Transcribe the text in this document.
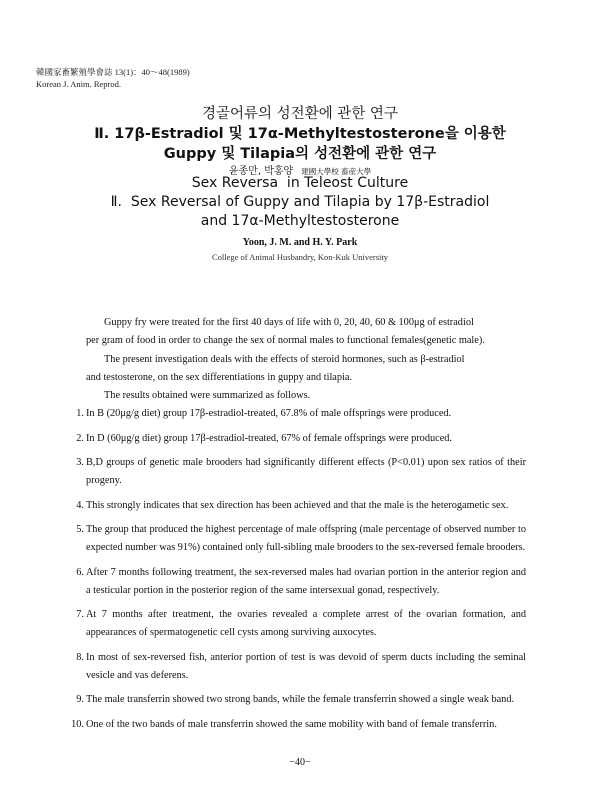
韓國家畜繁殖學會誌 13(1)：40～48(1989)
Korean J. Anim. Reprod.
경골어류의 성전환에 관한 연구
Ⅱ. 17β-Estradiol 및 17α-Methyltestosterone을 이용한
Guppy 및 Tilapia의 성전환에 관한 연구
윤종만, 박홍양 建國大學校 畜産大學
Sex Reversa  in Teleost Culture
Ⅱ.  Sex Reversal of Guppy and Tilapia by 17β-Estradiol
and 17α-Methyltestosterone
Yoon, J. M. and H. Y. Park
College of Animal Husbandry, Kon-Kuk University

Guppy fry were treated for the first 40 days of life with 0, 20, 40, 60 & 100μg of estradiol

per gram of food in order to change the sex of normal males to functional females(genetic male).

The present investigation deals with the effects of steroid hormones, such as β-estradiol

and testosterone, on the sex differentiations in guppy and tilapia.

The results obtained were summarized as follows.

1. In B (20μg/g diet) group 17β-estradiol-treated, 67.8% of male offsprings were produced.
2. In D (60μg/g diet) group 17β-estradiol-treated, 67% of female offsprings were produced.
3. B,D groups of genetic male brooders had significantly different effects (P<0.01) upon sex ratios of their progeny.
4. This strongly indicates that sex direction has been achieved and that the male is the heterogametic sex.
5. The group that produced the highest percentage of male offspring (male percentage of observed number to expected number was 91%) contained only full-sibling male brooders to the sex-reversed female brooders.
6. After 7 months following treatment, the sex-reversed males had ovarian portion in the anterior region and a testicular portion in the posterior region of the same intersexual gonad, respectively.
7. At 7 months after treatment, the ovaries revealed a complete arrest of the ovarian formation, and appearances of spermatogenetic cell cysts among surviving auxocytes.
8. In most of sex-reversed fish, anterior portion of test is was devoid of sperm ducts including the seminal vesicle and vas deferens.
9. The male transferrin showed two strong bands, while the female transferrin showed a single weak band.
10. One of the two bands of male transferrin showed the same mobility with band of female transferrin.
−40−
